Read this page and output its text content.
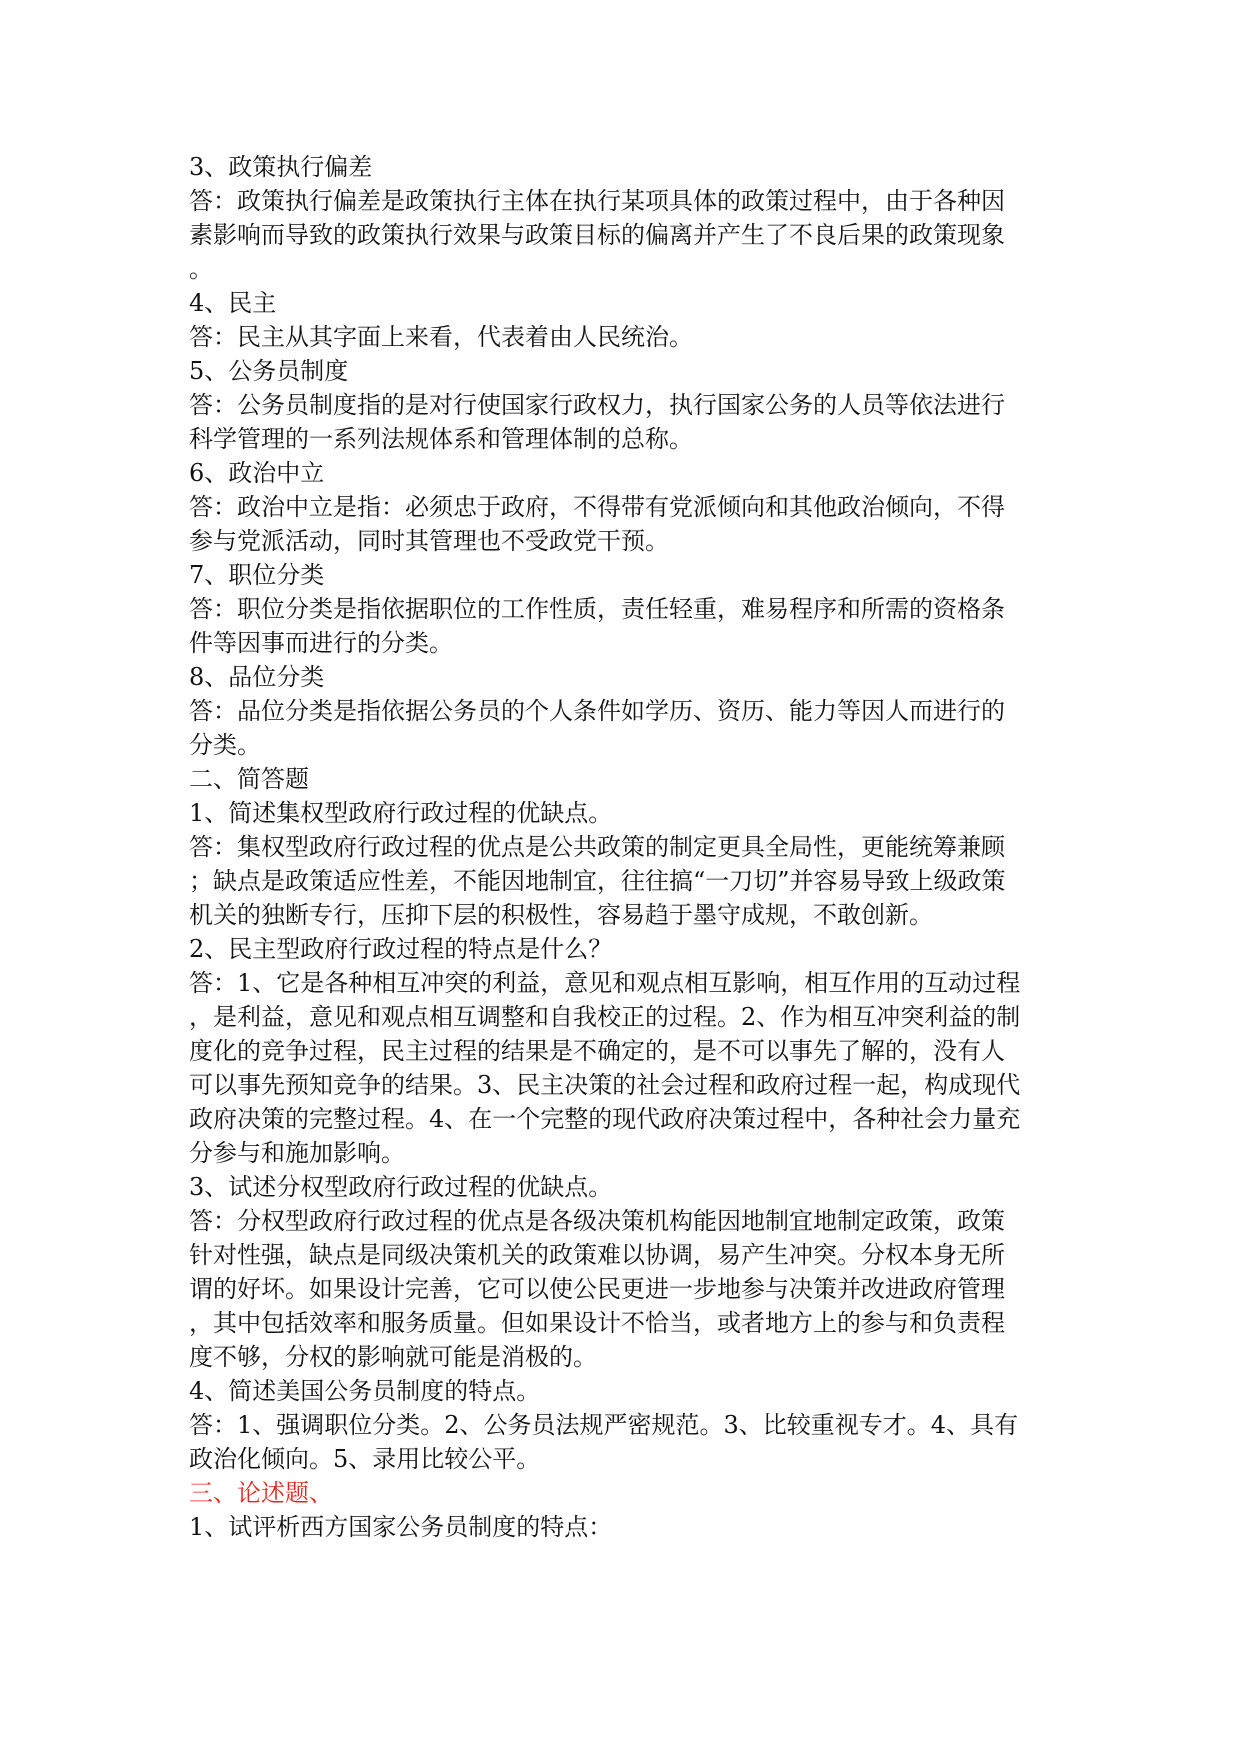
3、政策执行偏差
答：政策执行偏差是政策执行主体在执行某项具体的政策过程中，由于各种因
素影响而导致的政策执行效果与政策目标的偏离并产生了不良后果的政策现象
。
4、民主
答：民主从其字面上来看，代表着由人民统治。
5、公务员制度
答：公务员制度指的是对行使国家行政权力，执行国家公务的人员等依法进行
科学管理的一系列法规体系和管理体制的总称。
6、政治中立
答：政治中立是指：必须忠于政府，不得带有党派倾向和其他政治倾向，不得
参与党派活动，同时其管理也不受政党干预。
7、职位分类
答：职位分类是指依据职位的工作性质，责任轻重，难易程序和所需的资格条
件等因事而进行的分类。
8、品位分类
答：品位分类是指依据公务员的个人条件如学历、资历、能力等因人而进行的
分类。
二、简答题
1、简述集权型政府行政过程的优缺点。
答：集权型政府行政过程的优点是公共政策的制定更具全局性，更能统筹兼顾
；缺点是政策适应性差，不能因地制宜，往往搞“一刀切”并容易导致上级政策
机关的独断专行，压抑下层的积极性，容易趋于墨守成规，不敢创新。
2、民主型政府行政过程的特点是什么？
答：1、它是各种相互冲突的利益，意见和观点相互影响，相互作用的互动过程
，是利益，意见和观点相互调整和自我校正的过程。2、作为相互冲突利益的制
度化的竞争过程，民主过程的结果是不确定的，是不可以事先了解的，没有人
可以事先预知竞争的结果。3、民主决策的社会过程和政府过程一起，构成现代
政府决策的完整过程。4、在一个完整的现代政府决策过程中，各种社会力量充
分参与和施加影响。
3、试述分权型政府行政过程的优缺点。
答：分权型政府行政过程的优点是各级决策机构能因地制宜地制定政策，政策
针对性强，缺点是同级决策机关的政策难以协调，易产生冲突。分权本身无所
谓的好坏。如果设计完善，它可以使公民更进一步地参与决策并改进政府管理
，其中包括效率和服务质量。但如果设计不恰当，或者地方上的参与和负责程
度不够，分权的影响就可能是消极的。
4、简述美国公务员制度的特点。
答：1、强调职位分类。2、公务员法规严密规范。3、比较重视专才。4、具有
政治化倾向。5、录用比较公平。
三、论述题、
1、试评析西方国家公务员制度的特点：
